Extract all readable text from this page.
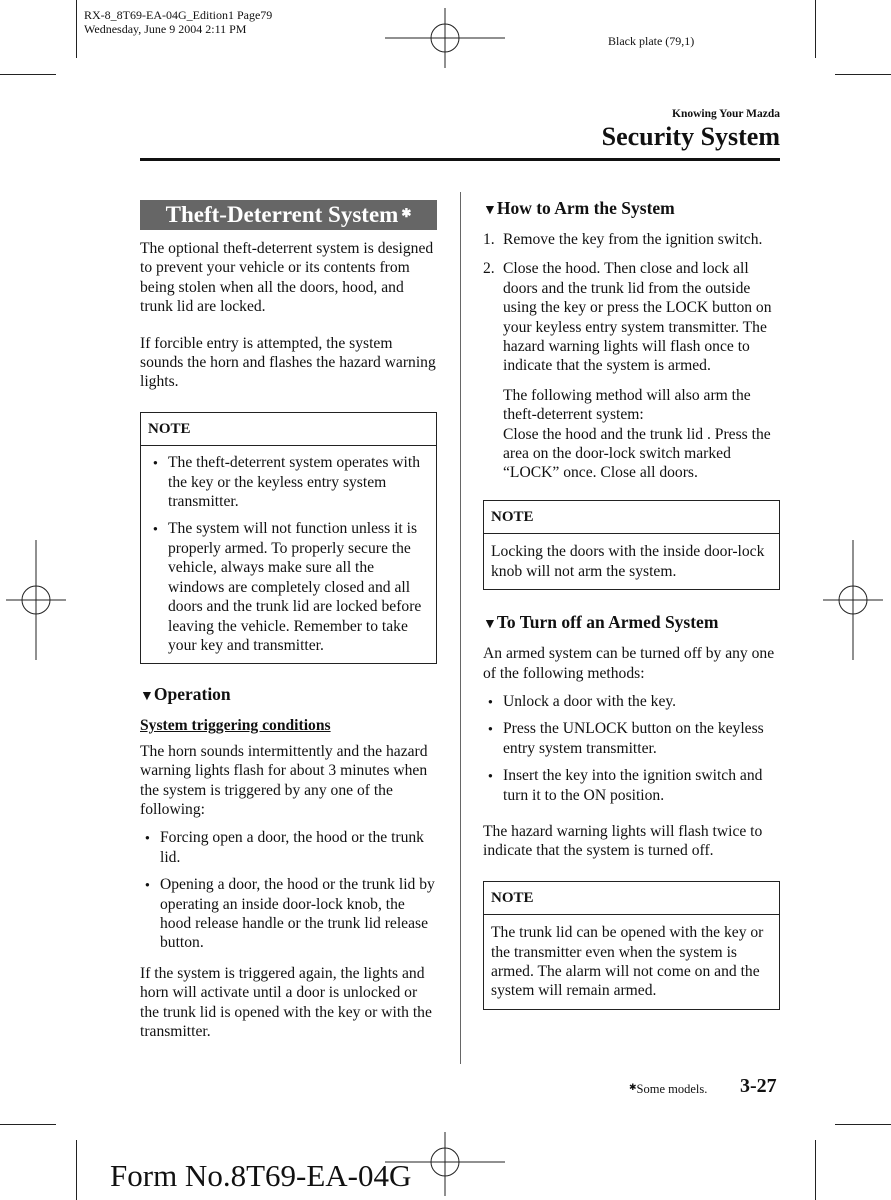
RX-8_8T69-EA-04G_Edition1 Page79
Wednesday, June 9 2004 2:11 PM
Black plate (79,1)
Knowing Your Mazda
Security System
Theft-Deterrent System ✱

The optional theft-deterrent system is designed to prevent your vehicle or its contents from being stolen when all the doors, hood, and trunk lid are locked.

If forcible entry is attempted, the system sounds the horn and flashes the hazard warning lights.

NOTE
● The theft-deterrent system operates with the key or the keyless entry system transmitter.
● The system will not function unless it is properly armed. To properly secure the vehicle, always make sure all the windows are completely closed and all doors and the trunk lid are locked before leaving the vehicle. Remember to take your key and transmitter.
▼Operation
System triggering conditions

The horn sounds intermittently and the hazard warning lights flash for about 3 minutes when the system is triggered by any one of the following:

● Forcing open a door, the hood or the trunk lid.
● Opening a door, the hood or the trunk lid by operating an inside door-lock knob, the hood release handle or the trunk lid release button.

If the system is triggered again, the lights and horn will activate until a door is unlocked or the trunk lid is opened with the key or with the transmitter.

▼How to Arm the System
1. Remove the key from the ignition switch.
2. Close the hood. Then close and lock all doors and the trunk lid from the outside using the key or press the LOCK button on your keyless entry system transmitter. The hazard warning lights will flash once to indicate that the system is armed.
The following method will also arm the theft-deterrent system:
Close the hood and the trunk lid . Press the area on the door-lock switch marked “LOCK” once. Close all doors.
NOTE
Locking the doors with the inside door-lock knob will not arm the system.
▼To Turn off an Armed System

An armed system can be turned off by any one of the following methods:

● Unlock a door with the key.
● Press the UNLOCK button on the keyless entry system transmitter.
● Insert the key into the ignition switch and turn it to the ON position.

The hazard warning lights will flash twice to indicate that the system is turned off.

NOTE
The trunk lid can be opened with the key or the transmitter even when the system is armed. The alarm will not come on and the system will remain armed.
✱Some models. 3-27
Form No.8T69-EA-04G
